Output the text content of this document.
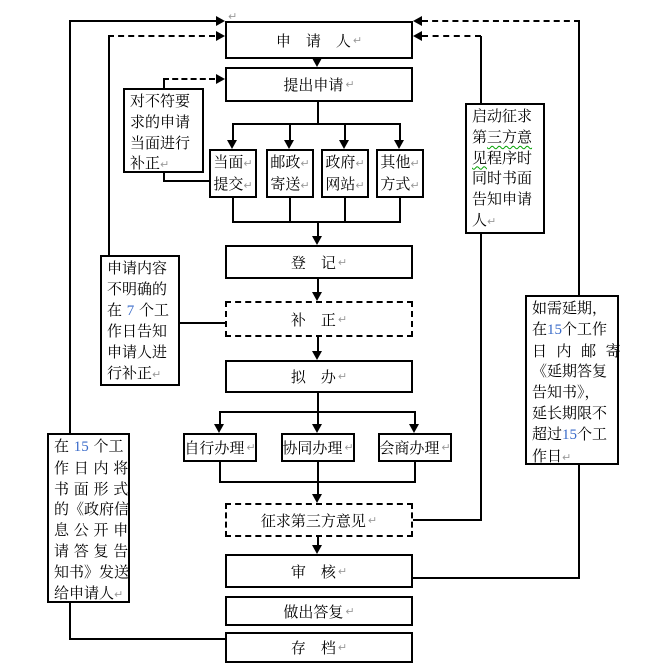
申　请　人 ↵
提出申请 ↵
登　记 ↵
补　正 ↵
拟　办 ↵
征求第三方意见 ↵
审　核 ↵
做出答复 ↵
存　档 ↵
当面↵
提交↵
邮政↵
寄送↵
政府↵
网站↵
其他↵
方式↵
自行办理 ↵ 协同办理 ↵ 会商办理 ↵
对不符要
求的申请
当面进行
补正↵
申请内容
不明确的
在 7 个工
作日告知
申请人进
行补正↵
在 15 个工
作 日 内 将
书 面 形 式
的《政府信
息 公 开 申
请 答 复 告
知书》发送
给申请人↵
启动征求
第三方意
见程序时
同时书面
告知申请
人↵
如需延期，
在15个工作
日  内  邮  寄
《延期答复
告知书》，
延长期限不
超过15个工
作日↵
↵
